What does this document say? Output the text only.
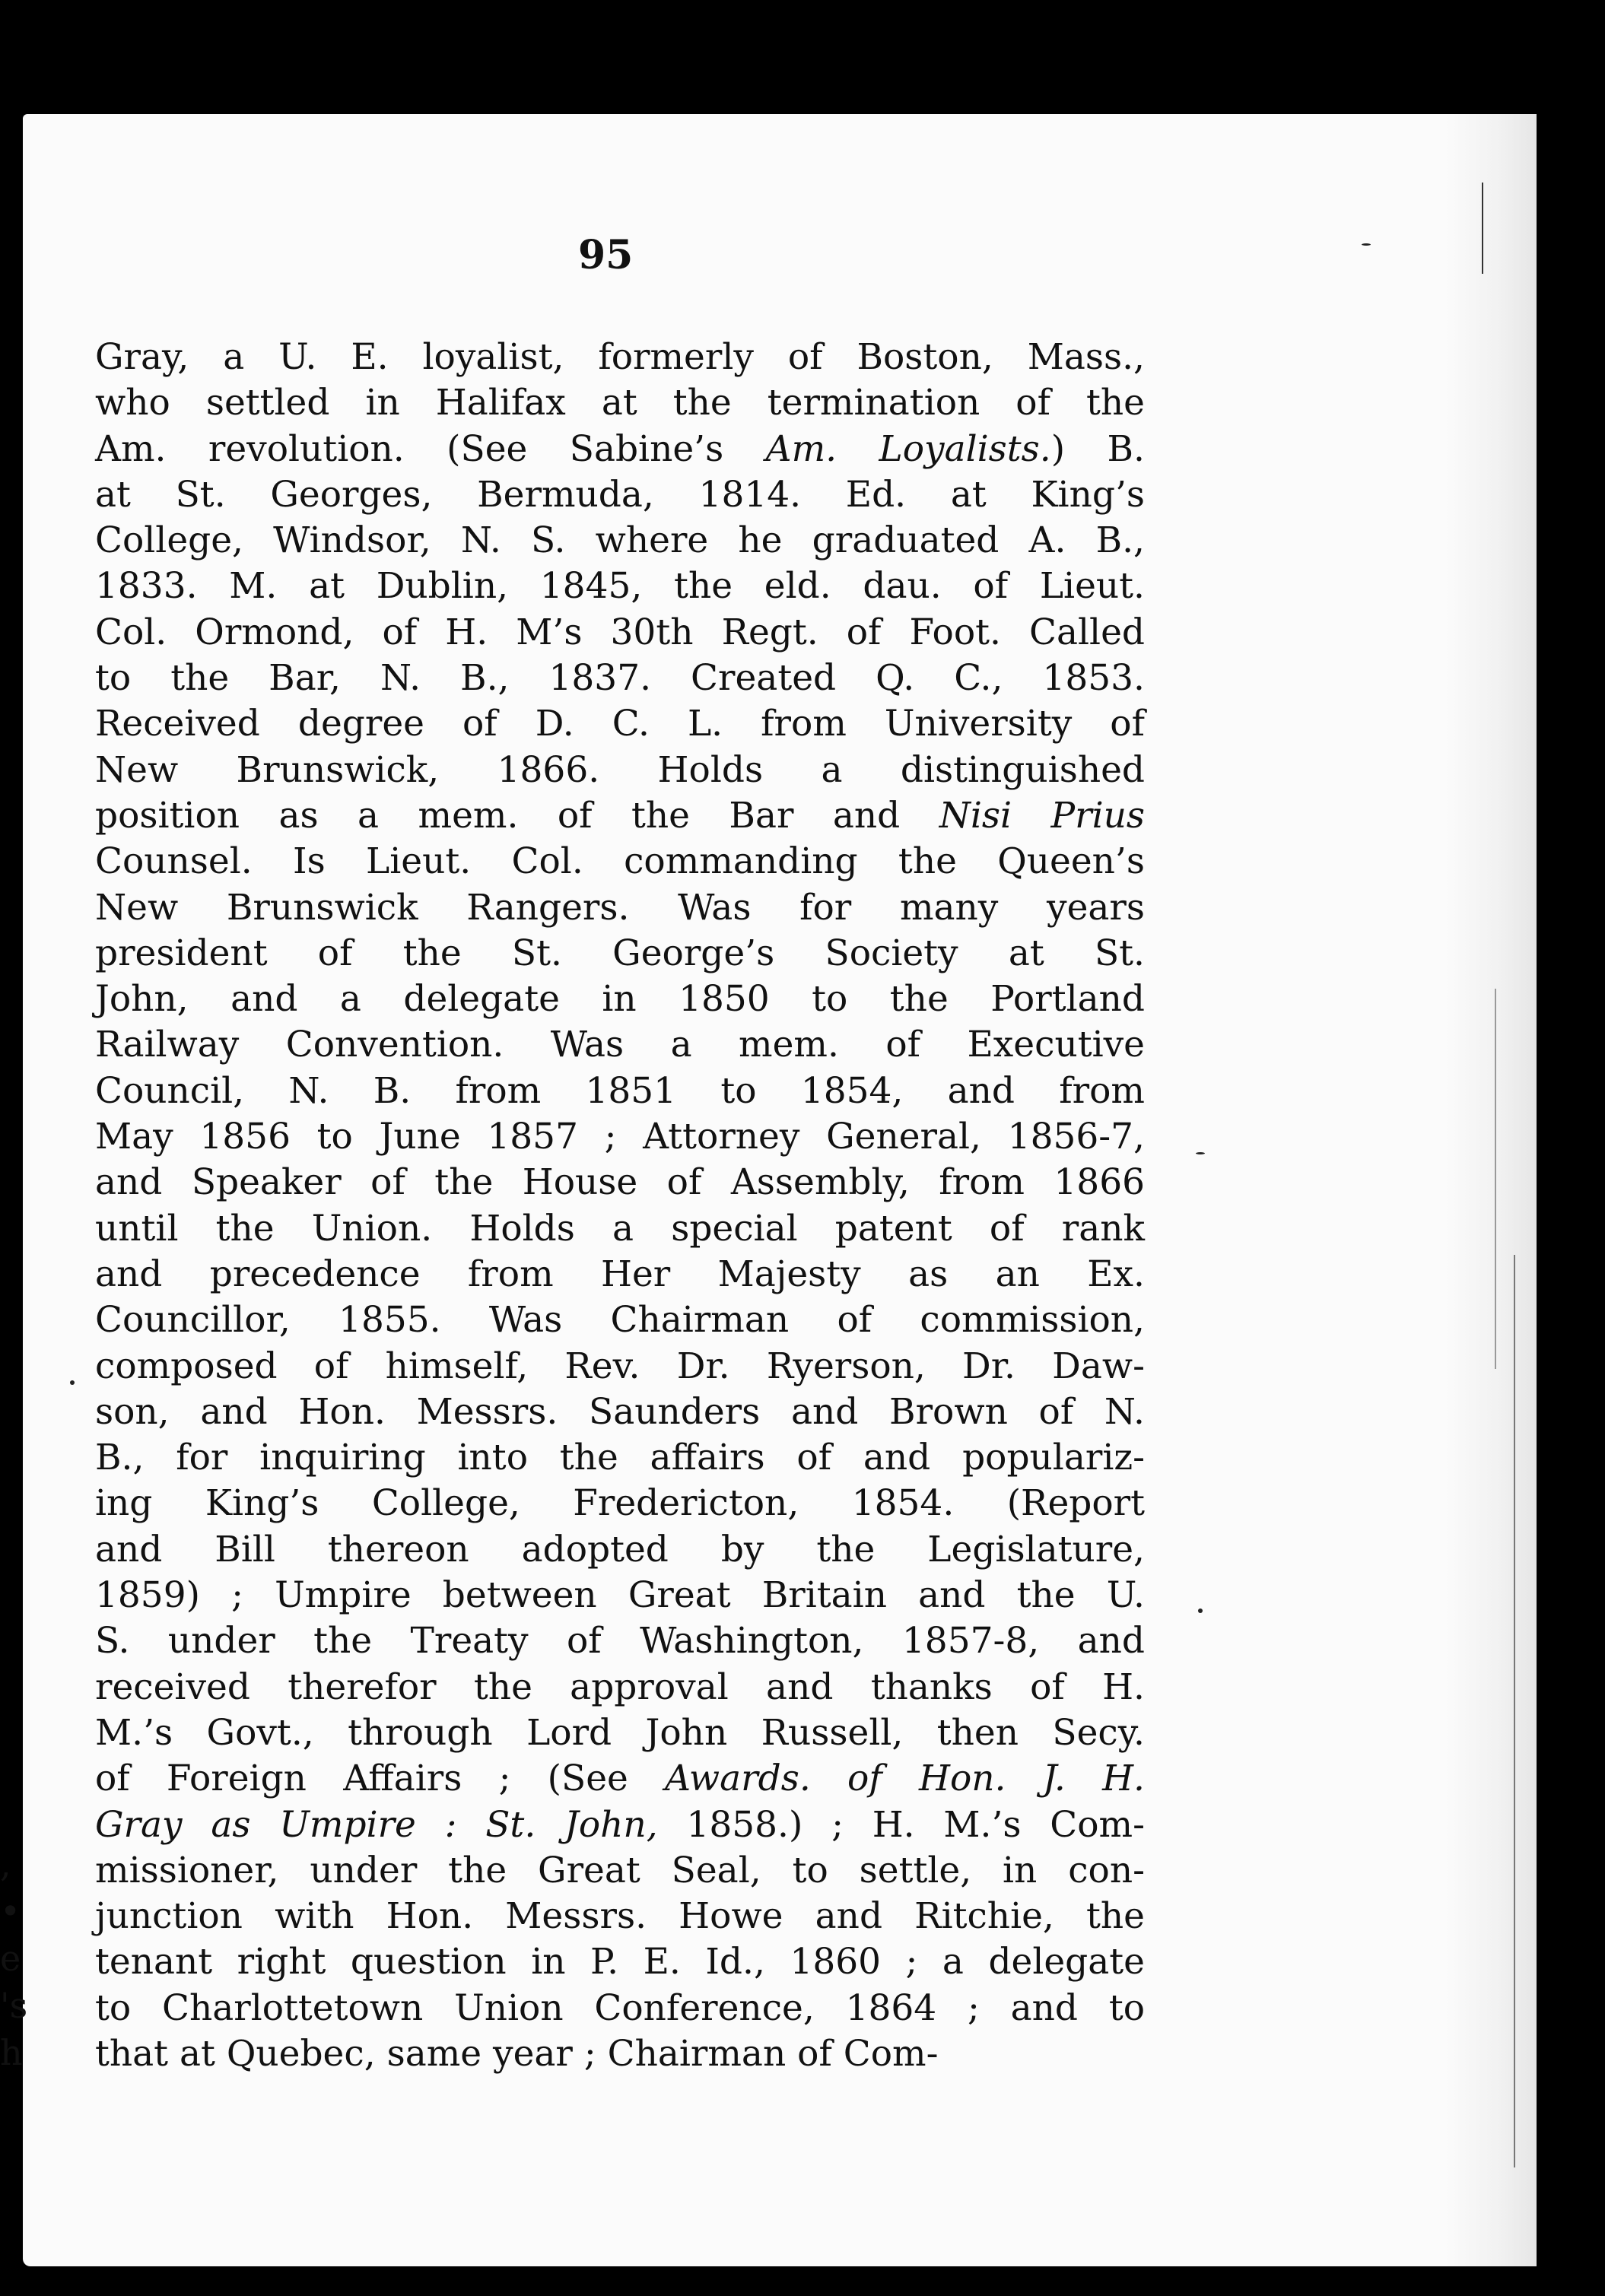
95
Gray, a U. E. loyalist, formerly of Boston, Mass.,
who settled in Halifax at the termination of the
Am. revolution. (See Sabine’s Am. Loyalists.) B.
at St. Georges, Bermuda, 1814. Ed. at King’s
College, Windsor, N. S. where he graduated A. B.,
1833. M. at Dublin, 1845, the eld. dau. of Lieut.
Col. Ormond, of H. M’s 30th Regt. of Foot. Called
to the Bar, N. B., 1837. Created Q. C., 1853.
Received degree of D. C. L. from University of
New Brunswick, 1866. Holds a distinguished
position as a mem. of the Bar and Nisi Prius
Counsel. Is Lieut. Col. commanding the Queen’s
New Brunswick Rangers. Was for many years
president of the St. George’s Society at St.
John, and a delegate in 1850 to the Portland
Railway Convention. Was a mem. of Executive
Council, N. B. from 1851 to 1854, and from
May 1856 to June 1857 ; Attorney General, 1856-7,
and Speaker of the House of Assembly, from 1866
until the Union. Holds a special patent of rank
and precedence from Her Majesty as an Ex.
Councillor, 1855. Was Chairman of commission,
composed of himself, Rev. Dr. Ryerson, Dr. Daw-
son, and Hon. Messrs. Saunders and Brown of N.
B., for inquiring into the affairs of and populariz-
ing King’s College, Fredericton, 1854. (Report
and Bill thereon adopted by the Legislature,
1859) ; Umpire between Great Britain and the U.
S. under the Treaty of Washington, 1857-8, and
received therefor the approval and thanks of H.
M.’s Govt., through Lord John Russell, then Secy.
of Foreign Affairs ; (See Awards. of Hon. J. H.
Gray as Umpire : St. John, 1858.) ; H. M.’s Com-
missioner, under the Great Seal, to settle, in con-
junction with Hon. Messrs. Howe and Ritchie, the
tenant right question in P. E. Id., 1860 ; a delegate
to Charlottetown Union Conference, 1864 ; and to
that at Quebec, same year ; Chairman of Com-
,
•
e
's
h
